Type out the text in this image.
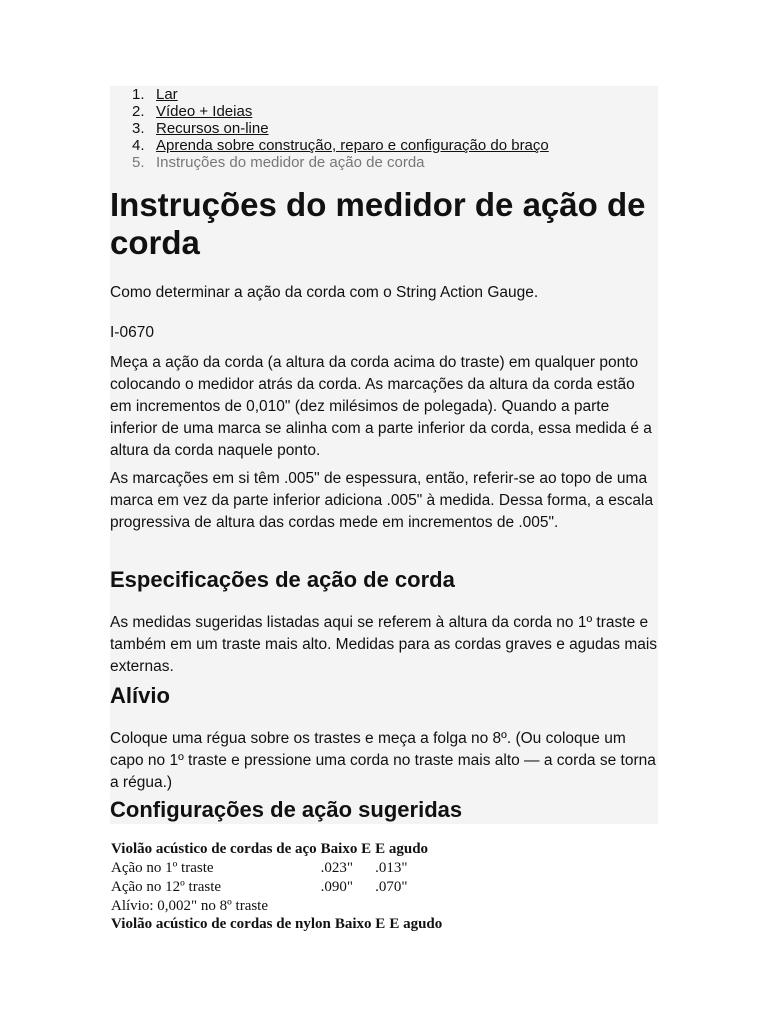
1. Lar
2. Vídeo + Ideias
3. Recursos on-line
4. Aprenda sobre construção, reparo e configuração do braço
5. Instruções do medidor de ação de corda
Instruções do medidor de ação de corda

Como determinar a ação da corda com o String Action Gauge.

I-0670

Meça a ação da corda (a altura da corda acima do traste) em qualquer ponto colocando o medidor atrás da corda. As marcações da altura da corda estão em incrementos de 0,010" (dez milésimos de polegada). Quando a parte inferior de uma marca se alinha com a parte inferior da corda, essa medida é a altura da corda naquele ponto.

As marcações em si têm .005" de espessura, então, referir-se ao topo de uma marca em vez da parte inferior adiciona .005" à medida. Dessa forma, a escala progressiva de altura das cordas mede em incrementos de .005".

Especificações de ação de corda

As medidas sugeridas listadas aqui se referem à altura da corda no 1º traste e também em um traste mais alto. Medidas para as cordas graves e agudas mais externas.

Alívio

Coloque uma régua sobre os trastes e meça a folga no 8º. (Ou coloque um capo no 1º traste e pressione uma corda no traste mais alto — a corda se torna a régua.)

Configurações de ação sugeridas
Violão acústico de cordas de aço	Baixo E	E agudo
Ação no 1º traste	.023"	.013"
Ação no 12º traste	.090"	.070"
Alívio: 0,002" no 8º traste		
Violão acústico de cordas de nylon	Baixo E	E agudo
